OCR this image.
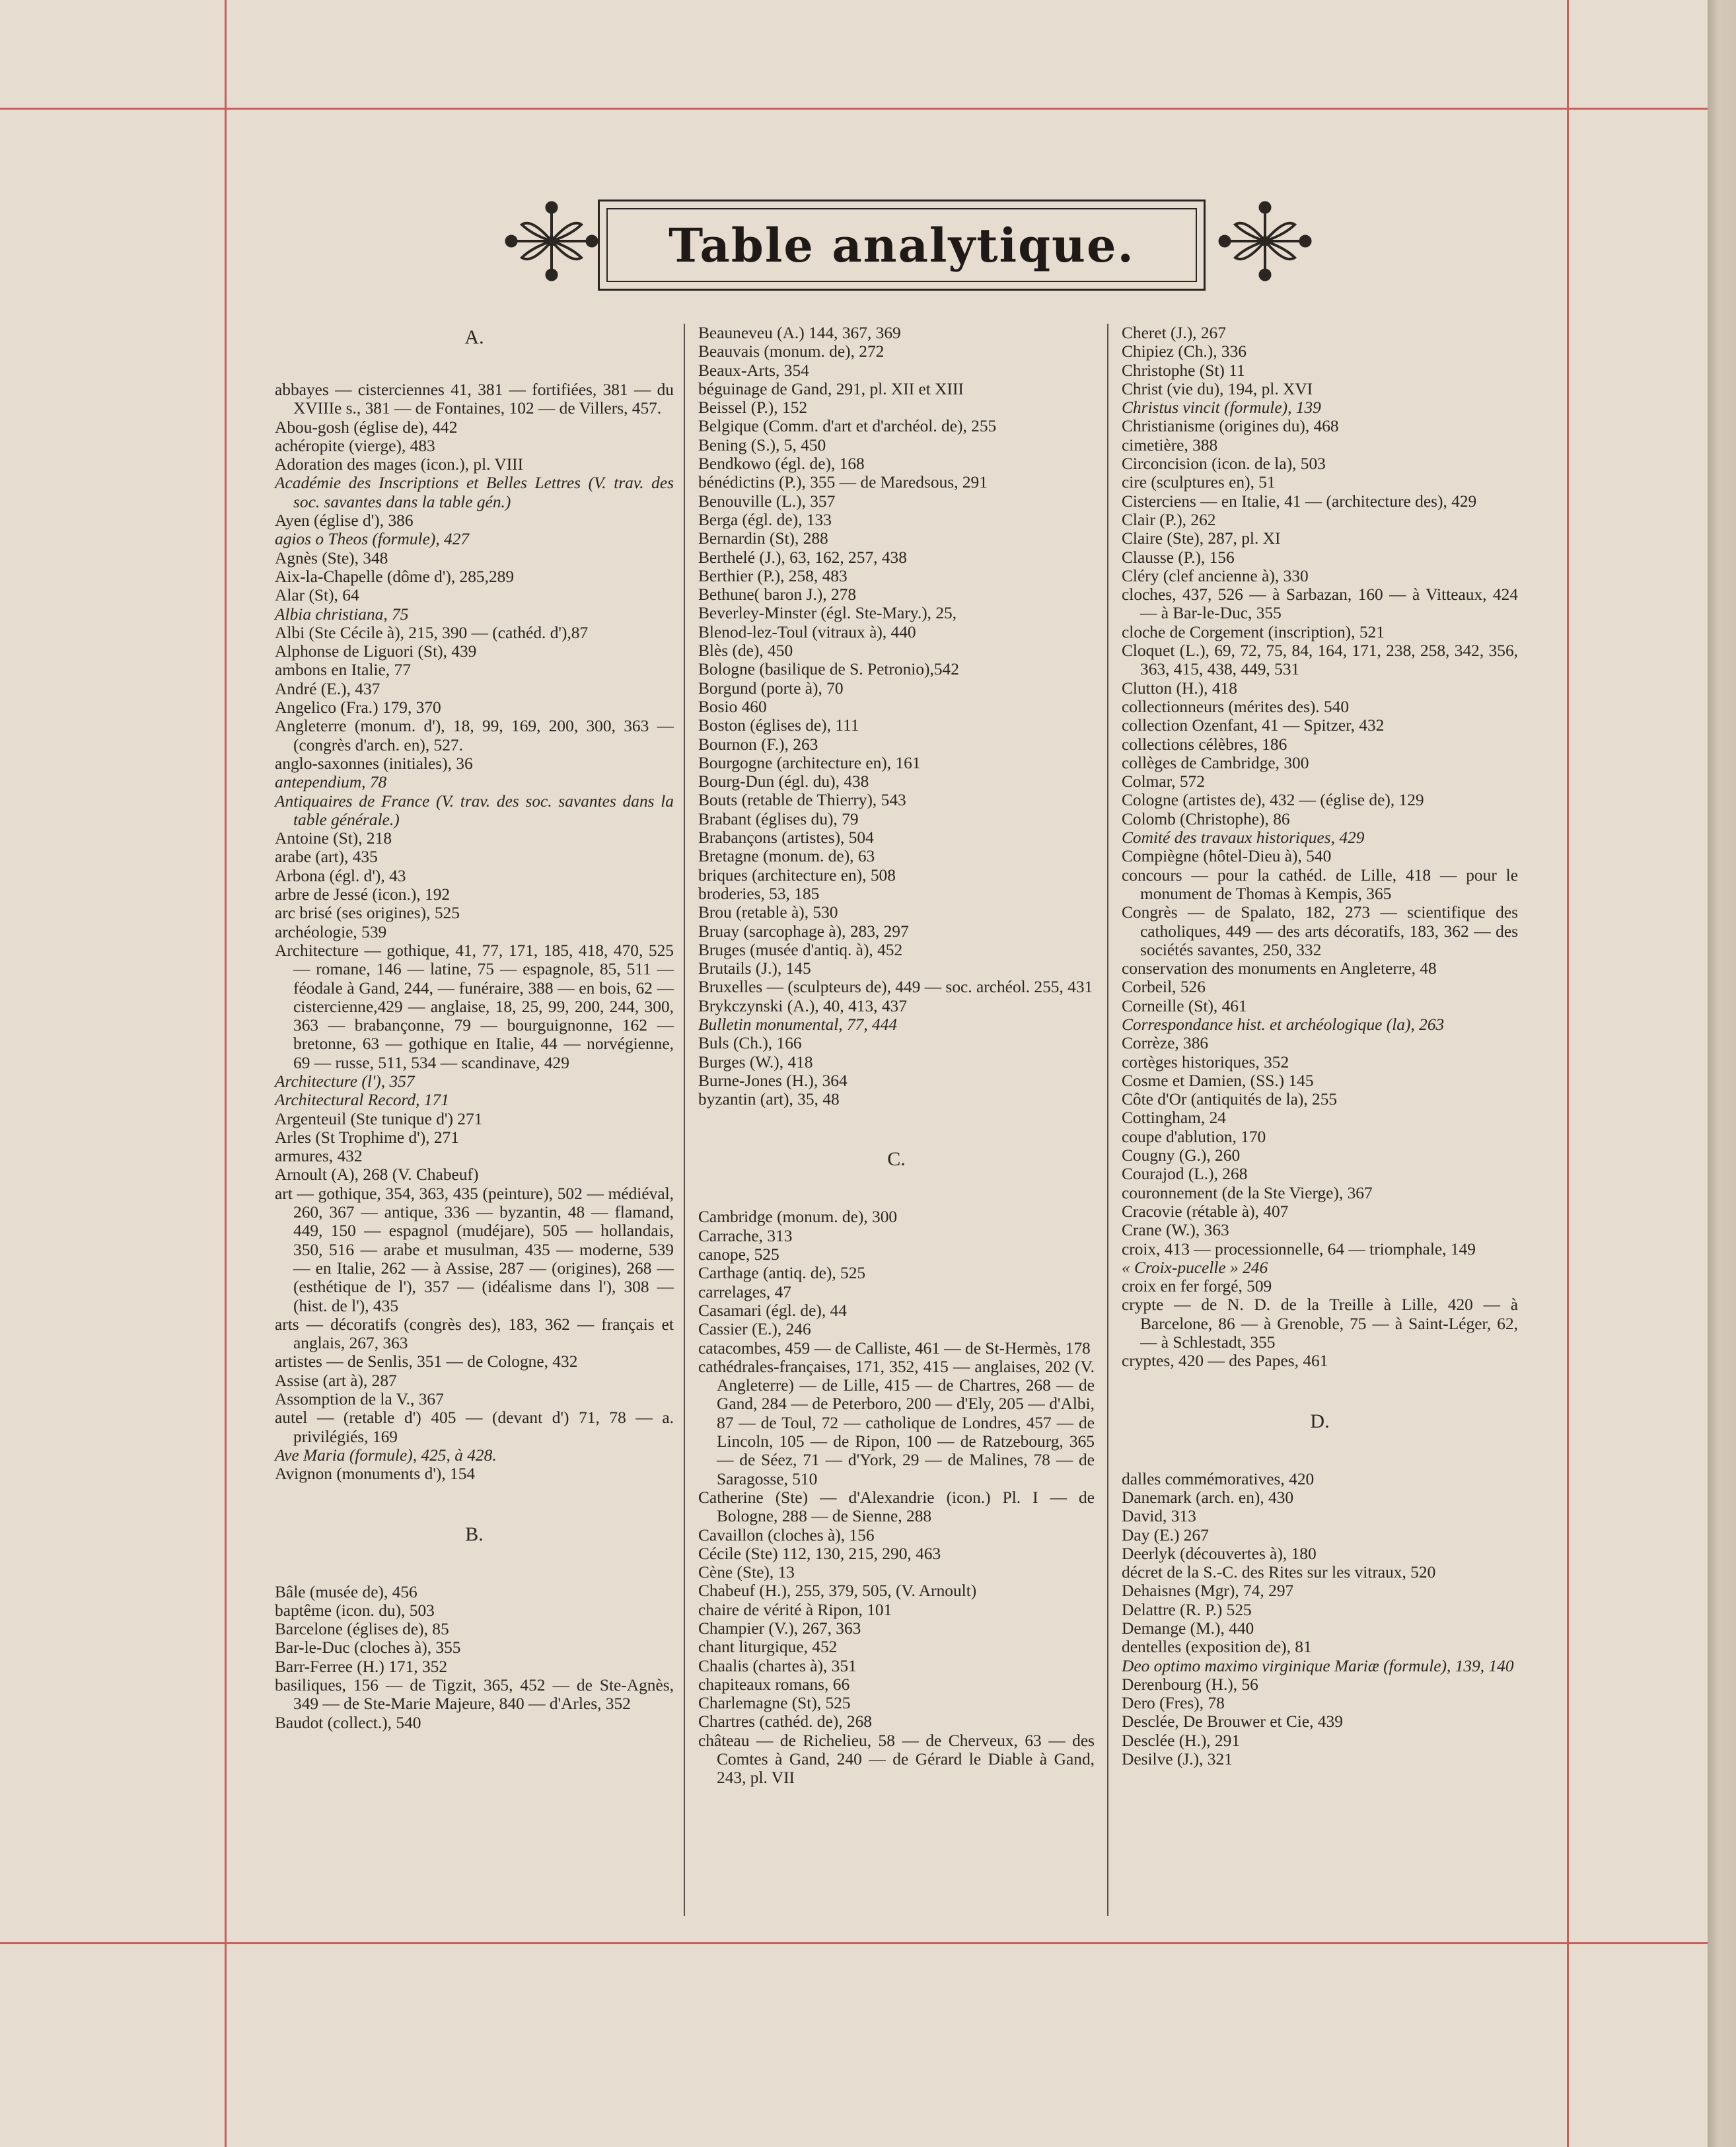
Table analytique.
A.
abbayes — cisterciennes 41, 381 — fortifiées, 381 — du XVIIIe s., 381 — de Fontaines, 102 — de Villers, 457.
Abou-gosh (église de), 442
achéropite (vierge), 483
Adoration des mages (icon.), pl. VIII
Académie des Inscriptions et Belles Lettres (V. trav. des soc. savantes dans la table gén.)
Ayen (église d'), 386
agios o Theos (formule), 427
Agnès (Ste), 348
Aix-la-Chapelle (dôme d'), 285,289
Alar (St), 64
Albia christiana, 75
Albi (Ste Cécile à), 215, 390 — (cathéd. d'),87
Alphonse de Liguori (St), 439
ambons en Italie, 77
André (E.), 437
Angelico (Fra.) 179, 370
Angleterre (monum. d'), 18, 99, 169, 200, 300, 363 — (congrès d'arch. en), 527.
anglo-saxonnes (initiales), 36
antependium, 78
Antiquaires de France (V. trav. des soc. savantes dans la table générale.)
Antoine (St), 218
arabe (art), 435
Arbona (égl. d'), 43
arbre de Jessé (icon.), 192
arc brisé (ses origines), 525
archéologie, 539
Architecture — gothique, 41, 77, 171, 185, 418, 470, 525 — romane, 146 — latine, 75 — espagnole, 85, 511 — féodale à Gand, 244, — funéraire, 388 — en bois, 62 — cistercienne,429 — anglaise, 18, 25, 99, 200, 244, 300, 363 — brabançonne, 79 — bourguignonne, 162 — bretonne, 63 — gothique en Italie, 44 — norvégienne, 69 — russe, 511, 534 — scandinave, 429
Architecture (l'), 357
Architectural Record, 171
Argenteuil (Ste tunique d') 271
Arles (St Trophime d'), 271
armures, 432
Arnoult (A), 268 (V. Chabeuf)
art — gothique, 354, 363, 435 (peinture), 502 — médiéval, 260, 367 — antique, 336 — byzantin, 48 — flamand, 449, 150 — espagnol (mudéjare), 505 — hollandais, 350, 516 — arabe et musulman, 435 — moderne, 539 — en Italie, 262 — à Assise, 287 — (origines), 268 — (esthétique de l'), 357 — (idéalisme dans l'), 308 — (hist. de l'), 435
arts — décoratifs (congrès des), 183, 362 — français et anglais, 267, 363
artistes — de Senlis, 351 — de Cologne, 432
Assise (art à), 287
Assomption de la V., 367
autel — (retable d') 405 — (devant d') 71, 78 — a. privilégiés, 169
Ave Maria (formule), 425, à 428.
Avignon (monuments d'), 154
B.
Bâle (musée de), 456
baptême (icon. du), 503
Barcelone (églises de), 85
Bar-le-Duc (cloches à), 355
Barr-Ferree (H.) 171, 352
basiliques, 156 — de Tigzit, 365, 452 — de Ste-Agnès, 349 — de Ste-Marie Majeure, 840 — d'Arles, 352
Baudot (collect.), 540
Beauneveu (A.) 144, 367, 369
Beauvais (monum. de), 272
Beaux-Arts, 354
béguinage de Gand, 291, pl. XII et XIII
Beissel (P.), 152
Belgique (Comm. d'art et d'archéol. de), 255
Bening (S.), 5, 450
Bendkowo (égl. de), 168
bénédictins (P.), 355 — de Maredsous, 291
Benouville (L.), 357
Berga (égl. de), 133
Bernardin (St), 288
Berthelé (J.), 63, 162, 257, 438
Berthier (P.), 258, 483
Bethune( baron J.), 278
Beverley-Minster (égl. Ste-Mary.), 25,
Blenod-lez-Toul (vitraux à), 440
Blès (de), 450
Bologne (basilique de S. Petronio),542
Borgund (porte à), 70
Bosio 460
Boston (églises de), 111
Bournon (F.), 263
Bourgogne (architecture en), 161
Bourg-Dun (égl. du), 438
Bouts (retable de Thierry), 543
Brabant (églises du), 79
Brabançons (artistes), 504
Bretagne (monum. de), 63
briques (architecture en), 508
broderies, 53, 185
Brou (retable à), 530
Bruay (sarcophage à), 283, 297
Bruges (musée d'antiq. à), 452
Brutails (J.), 145
Bruxelles — (sculpteurs de), 449 — soc. archéol. 255, 431
Brykczynski (A.), 40, 413, 437
Bulletin monumental, 77, 444
Buls (Ch.), 166
Burges (W.), 418
Burne-Jones (H.), 364
byzantin (art), 35, 48
C.
Cambridge (monum. de), 300
Carrache, 313
canope, 525
Carthage (antiq. de), 525
carrelages, 47
Casamari (égl. de), 44
Cassier (E.), 246
catacombes, 459 — de Calliste, 461 — de St-Hermès, 178
cathédrales-françaises, 171, 352, 415 — anglaises, 202 (V. Angleterre) — de Lille, 415 — de Chartres, 268 — de Gand, 284 — de Peterboro, 200 — d'Ely, 205 — d'Albi, 87 — de Toul, 72 — catholique de Londres, 457 — de Lincoln, 105 — de Ripon, 100 — de Ratzebourg, 365 — de Séez, 71 — d'York, 29 — de Malines, 78 — de Saragosse, 510
Catherine (Ste) — d'Alexandrie (icon.) Pl. I — de Bologne, 288 — de Sienne, 288
Cavaillon (cloches à), 156
Cécile (Ste) 112, 130, 215, 290, 463
Cène (Ste), 13
Chabeuf (H.), 255, 379, 505, (V. Arnoult)
chaire de vérité à Ripon, 101
Champier (V.), 267, 363
chant liturgique, 452
Chaalis (chartes à), 351
chapiteaux romans, 66
Charlemagne (St), 525
Chartres (cathéd. de), 268
château — de Richelieu, 58 — de Cherveux, 63 — des Comtes à Gand, 240 — de Gérard le Diable à Gand, 243, pl. VII
Cheret (J.), 267
Chipiez (Ch.), 336
Christophe (St) 11
Christ (vie du), 194, pl. XVI
Christus vincit (formule), 139
Christianisme (origines du), 468
cimetière, 388
Circoncision (icon. de la), 503
cire (sculptures en), 51
Cisterciens — en Italie, 41 — (architecture des), 429
Clair (P.), 262
Claire (Ste), 287, pl. XI
Clausse (P.), 156
Cléry (clef ancienne à), 330
cloches, 437, 526 — à Sarbazan, 160 — à Vitteaux, 424 — à Bar-le-Duc, 355
cloche de Corgement (inscription), 521
Cloquet (L.), 69, 72, 75, 84, 164, 171, 238, 258, 342, 356, 363, 415, 438, 449, 531
Clutton (H.), 418
collectionneurs (mérites des). 540
collection Ozenfant, 41 — Spitzer, 432
collections célèbres, 186
collèges de Cambridge, 300
Colmar, 572
Cologne (artistes de), 432 — (église de), 129
Colomb (Christophe), 86
Comité des travaux historiques, 429
Compiègne (hôtel-Dieu à), 540
concours — pour la cathéd. de Lille, 418 — pour le monument de Thomas à Kempis, 365
Congrès — de Spalato, 182, 273 — scientifique des catholiques, 449 — des arts décoratifs, 183, 362 — des sociétés savantes, 250, 332
conservation des monuments en Angleterre, 48
Corbeil, 526
Corneille (St), 461
Correspondance hist. et archéologique (la), 263
Corrèze, 386
cortèges historiques, 352
Cosme et Damien, (SS.) 145
Côte d'Or (antiquités de la), 255
Cottingham, 24
coupe d'ablution, 170
Cougny (G.), 260
Courajod (L.), 268
couronnement (de la Ste Vierge), 367
Cracovie (rétable à), 407
Crane (W.), 363
croix, 413 — processionnelle, 64 — triomphale, 149
« Croix-pucelle » 246
croix en fer forgé, 509
crypte — de N. D. de la Treille à Lille, 420 — à Barcelone, 86 — à Grenoble, 75 — à Saint-Léger, 62, — à Schlestadt, 355
cryptes, 420 — des Papes, 461
D.
dalles commémoratives, 420
Danemark (arch. en), 430
David, 313
Day (E.) 267
Deerlyk (découvertes à), 180
décret de la S.-C. des Rites sur les vitraux, 520
Dehaisnes (Mgr), 74, 297
Delattre (R. P.) 525
Demange (M.), 440
dentelles (exposition de), 81
Deo optimo maximo virginique Mariæ (formule), 139, 140
Derenbourg (H.), 56
Dero (Fres), 78
Desclée, De Brouwer et Cie, 439
Desclée (H.), 291
Desilve (J.), 321
